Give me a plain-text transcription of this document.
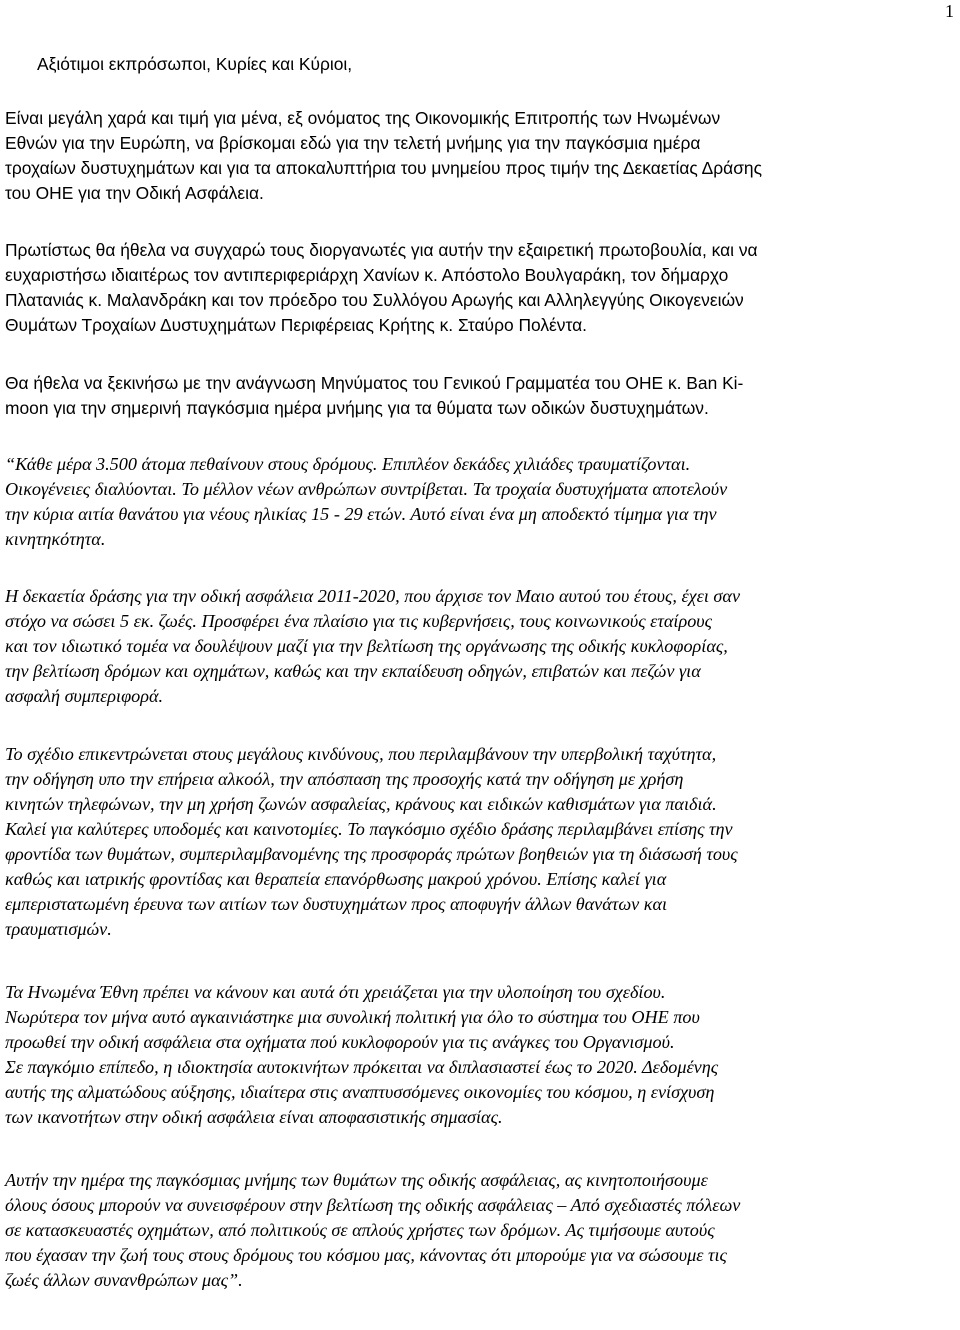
1
Αξιότιμοι εκπρόσωποι, Κυρίες και Κύριοι,
Είναι μεγάλη χαρά και τιμή για μένα, εξ ονόματος της Οικονομικής Επιτροπής των Ηνωμένων
Εθνών για την Ευρώπη, να βρίσκομαι εδώ για την τελετή μνήμης για την παγκόσμια ημέρα
τροχαίων δυστυχημάτων και για τα αποκαλυπτήρια του μνημείου προς τιμήν της Δεκαετίας Δράσης
του ΟΗΕ για την Οδική Ασφάλεια.
Πρωτίστως θα ήθελα να συγχαρώ τους διοργανωτές για αυτήν την εξαιρετική πρωτοβουλία, και να
ευχαριστήσω ιδιαιτέρως τον αντιπεριφεριάρχη Χανίων κ. Απόστολο Βουλγαράκη, τον δήμαρχο
Πλατανιάς κ. Μαλανδράκη και τον πρόεδρο του Συλλόγου Αρωγής και Αλληλεγγύης Οικογενειών
Θυμάτων Τροχαίων Δυστυχημάτων Περιφέρειας Κρήτης κ. Σταύρο Πολέντα.
Θα ήθελα να ξεκινήσω με την ανάγνωση Μηνύματος του Γενικού Γραμματέα του ΟΗΕ κ. Ban Ki-
moon για την σημερινή παγκόσμια ημέρα μνήμης για τα θύματα των οδικών δυστυχημάτων.
“Κάθε μέρα 3.500 άτομα πεθαίνουν στους δρόμους. Επιπλέον δεκάδες χιλιάδες τραυματίζονται.
Οικογένειες διαλύονται. Το μέλλον νέων ανθρώπων συντρίβεται. Τα τροχαία δυστυχήματα αποτελούν
την κύρια αιτία θανάτου για νέους ηλικίας 15 - 29 ετών. Αυτό είναι ένα μη αποδεκτό τίμημα για την
κινητηκότητα.
Η δεκαετία δράσης για την οδική ασφάλεια 2011-2020, που άρχισε τον Μαιο αυτού του έτους, έχει σαν
στόχο να σώσει 5 εκ. ζωές. Προσφέρει ένα πλαίσιο για τις κυβερνήσεις, τους κοινωνικούς εταίρους
και τον ιδιωτικό τομέα να δουλέψουν μαζί για την βελτίωση της οργάνωσης της οδικής κυκλοφορίας,
την βελτίωση δρόμων και οχημάτων, καθώς και την εκπαίδευση οδηγών, επιβατών και πεζών για
ασφαλή συμπεριφορά.
Το σχέδιο επικεντρώνεται στους μεγάλους κινδύνους, που περιλαμβάνουν την υπερβολική ταχύτητα,
την οδήγηση υπο την επήρεια αλκοόλ, την απόσπαση της προσοχής κατά την οδήγηση με χρήση
κινητών τηλεφώνων, την μη χρήση ζωνών ασφαλείας, κράνους και ειδικών καθισμάτων για παιδιά.
Καλεί για καλύτερες υποδομές και καινοτομίες. Το παγκόσμιο σχέδιο δράσης περιλαμβάνει επίσης την
φροντίδα των θυμάτων, συμπεριλαμβανομένης της προσφοράς πρώτων βοηθειών για τη διάσωσή τους
καθώς και ιατρικής φροντίδας και θεραπεία επανόρθωσης μακρού χρόνου. Επίσης καλεί για
εμπεριστατωμένη έρευνα των αιτίων των δυστυχημάτων προς αποφυγήν άλλων θανάτων και
τραυματισμών.
Τα Ηνωμένα Έθνη πρέπει να κάνουν και αυτά ότι χρειάζεται για την υλοποίηση του σχεδίου.
Νωρύτερα τον μήνα αυτό αγκαινιάστηκε μια συνολική πολιτική για όλο το σύστημα του ΟΗΕ που
προωθεί την οδική ασφάλεια στα οχήματα πού κυκλοφορούν για τις ανάγκες του Οργανισμού.
Σε παγκόμιο επίπεδο, η ιδιοκτησία αυτοκινήτων πρόκειται να διπλασιαστεί έως το 2020. Δεδομένης
αυτής της αλματώδους αύξησης, ιδιαίτερα στις αναπτυσσόμενες οικονομίες του κόσμου, η ενίσχυση
των ικανοτήτων στην οδική ασφάλεια είναι αποφασιστικής σημασίας.
Αυτήν την ημέρα της παγκόσμιας μνήμης των θυμάτων της οδικής ασφάλειας, ας κινητοποιήσουμε
όλους όσους μπορούν να συνεισφέρουν στην βελτίωση της οδικής ασφάλειας – Από σχεδιαστές πόλεων
σε κατασκευαστές οχημάτων, από πολιτικούς σε απλούς χρήστες των δρόμων. Ας τιμήσουμε αυτούς
που έχασαν την ζωή τους στους δρόμους του κόσμου μας, κάνοντας ότι μπορούμε για να σώσουμε τις
ζωές άλλων συνανθρώπων μας”.
